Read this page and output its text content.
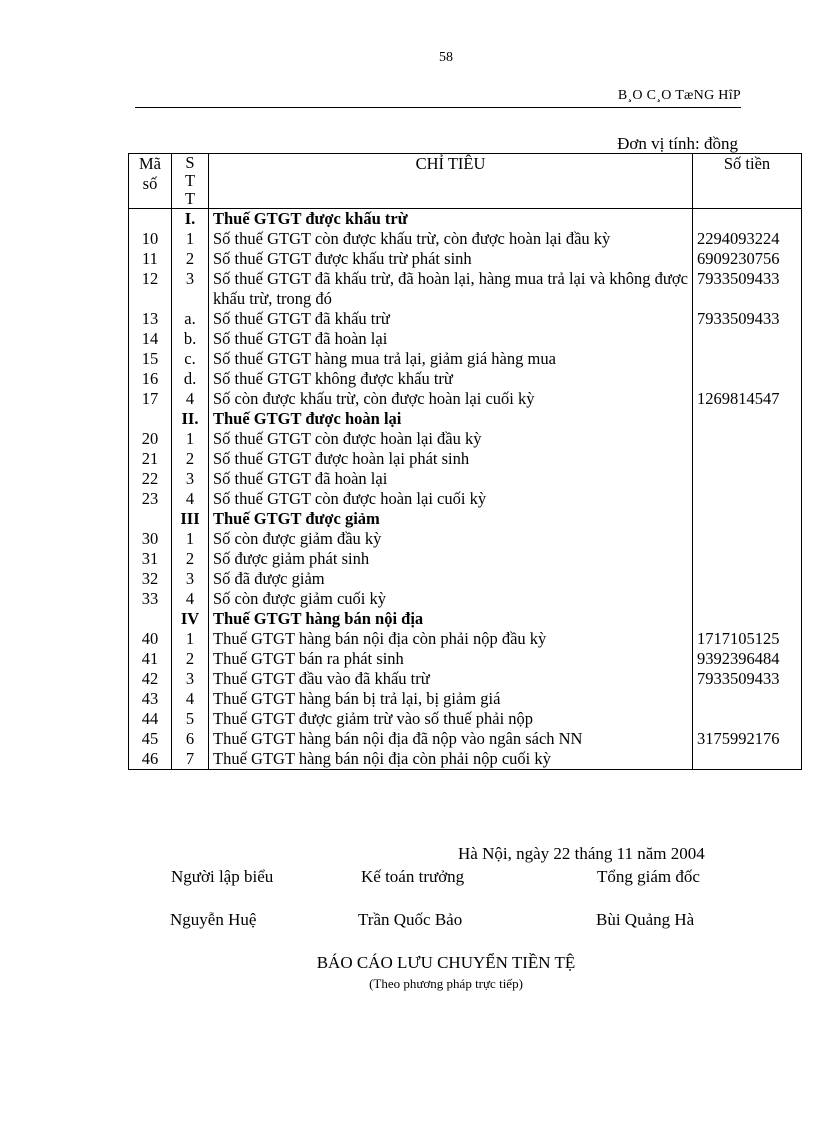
58
B¸O C¸O TæNG HîP
Đơn vị tính: đồng
Mã số	STT	CHỈ TIÊU	Số tiền
	I.	Thuế GTGT được khấu trừ	
10	1	Số thuế GTGT còn được khấu trừ, còn được hoàn lại đầu kỳ	2294093224
11	2	Số thuế GTGT được khấu trừ phát sinh	6909230756
12	3	Số thuế GTGT đã khấu trừ, đã hoàn lại, hàng mua trả lại và không được khấu trừ, trong đó	7933509433
13	a.	Số thuế GTGT đã khấu trừ	7933509433
14	b.	Số thuế GTGT đã hoàn lại	
15	c.	Số thuế GTGT hàng mua trả lại, giảm giá hàng mua	
16	d.	Số thuế GTGT không được khấu trừ	
17	4	Số còn được khấu trừ, còn được hoàn lại cuối kỳ	1269814547
	II.	Thuế GTGT được hoàn lại	
20	1	Số thuế GTGT còn được hoàn lại đầu kỳ	
21	2	Số thuế GTGT được hoàn lại phát sinh	
22	3	Số thuế GTGT đã hoàn lại	
23	4	Số thuế GTGT còn được hoàn lại cuối kỳ	
	III	Thuế GTGT được giảm	
30	1	Số còn được giảm đầu kỳ	
31	2	Số được giảm phát sinh	
32	3	Số đã được giảm	
33	4	Số còn được giảm cuối kỳ	
	IV	Thuế GTGT hàng bán nội địa	
40	1	Thuế GTGT hàng bán nội địa còn phải nộp đầu kỳ	1717105125
41	2	Thuế GTGT bán ra phát sinh	9392396484
42	3	Thuế GTGT đầu vào đã khấu trừ	7933509433
43	4	Thuế GTGT hàng bán bị trả lại, bị giảm giá	
44	5	Thuế GTGT được giảm trừ vào số thuế phải nộp	
45	6	Thuế GTGT hàng bán nội địa đã nộp vào ngân sách NN	3175992176
46	7	Thuế GTGT hàng bán nội địa còn phải nộp cuối kỳ	
Hà Nội, ngày 22 tháng 11 năm 2004
Người lập biểu	Kế toán trưởng	Tổng giám đốc
Nguyễn Huệ	Trần Quốc Bảo	Bùi Quảng Hà
BÁO CÁO LƯU CHUYỂN TIỀN TỆ
(Theo phương pháp trực tiếp)
